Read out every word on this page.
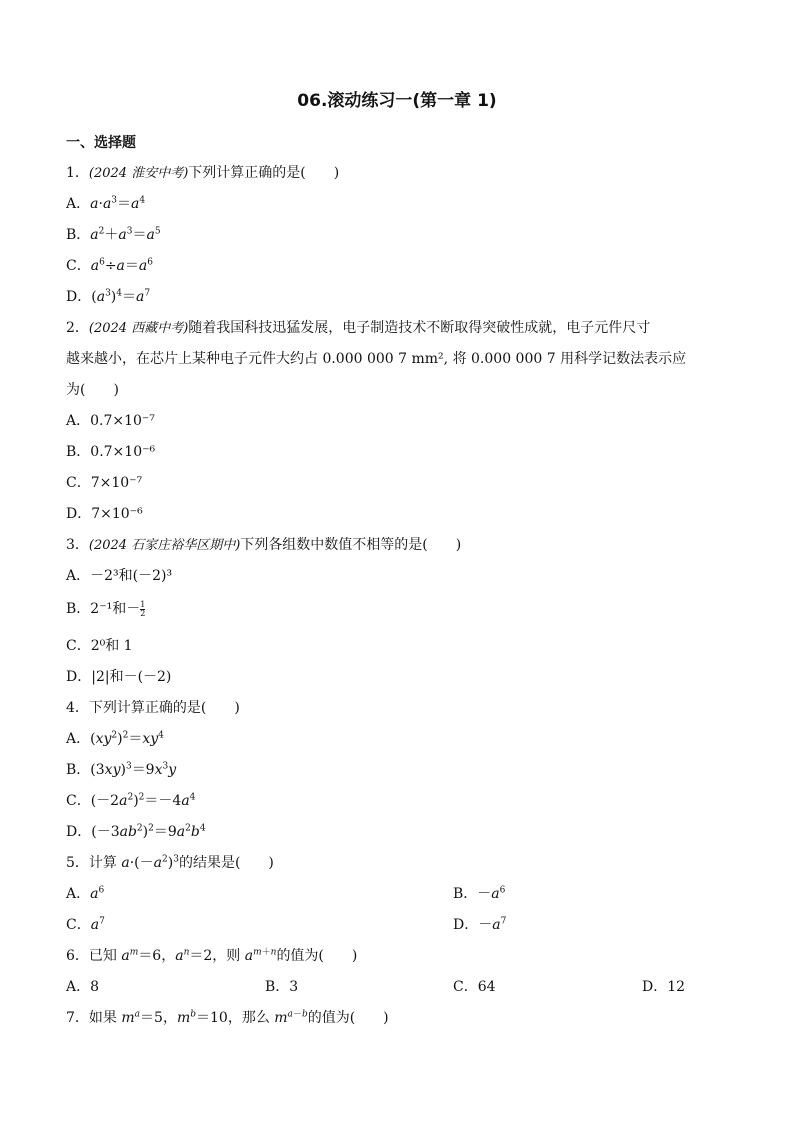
06.滚动练习一(第一章 1)
一、选择题
1．(2024 淮安中考)下列计算正确的是(　　)
A．$a\cdot a^3=a^4$
B．$a^2+a^3=a^5$
C．$a^6\div a=a^6$
D．$(a^3)^4=a^7$
2．(2024 西藏中考)随着我国科技迅猛发展，电子制造技术不断取得突破性成就，电子元件尺寸
越来越小，在芯片上某种电子元件大约占 0.000 000 7 mm², 将 0.000 000 7 用科学记数法表示应
为(　　)
A．0.7×10⁻⁷
B．0.7×10⁻⁶
C．7×10⁻⁷
D．7×10⁻⁶
3．(2024 石家庄裕华区期中)下列各组数中数值不相等的是(　　)
A．－2³和(－2)³
B．2⁻¹和－ $\frac{1}{2}$
C．2⁰和 1
D．|2|和－(－2)
4．下列计算正确的是(　　)
A．$(xy^2)^2=xy^4$
B．$(3xy)^3=9x^3y$
C．$(-2a^2)^2=-4a^4$
D．$(-3ab^2)^2=9a^2b^4$
5．计算 $a\cdot(-a^2)^3$的结果是(　　)
A．$a^6$	B．$-a^6$
C．$a^7$	D．$-a^7$
6．已知 $a^m=6$，$a^n=2$，则 $a^{m+n}$的值为(　　)
A．8	B．3	C．64	D．12
7．如果 $m^a=5$，$m^b=10$，那么 $m^{a-b}$的值为(　　)
